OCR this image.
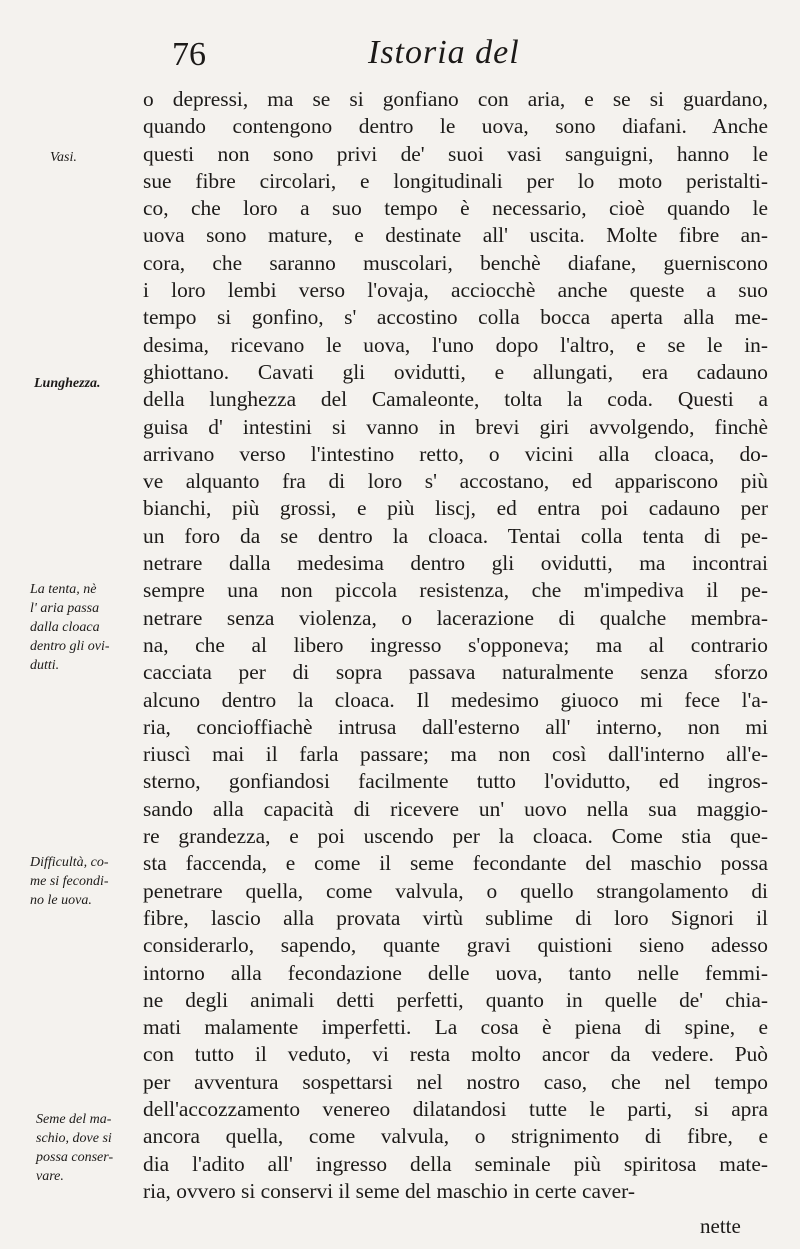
76	Istoria del
Vasi.
Lunghezza.
La tenta, nè
l' aria passa
dalla cloaca
dentro gli ovi-
dutti.
Difficultà, co-
me si fecondi-
no le uova.
Seme del ma-
schio, dove si
possa conser-
vare.
o depressi, ma se si gonfiano con aria, e se si guardano,
quando contengono dentro le uova, sono diafani. Anche
questi non sono privi de' suoi vasi sanguigni, hanno le
sue fibre circolari, e longitudinali per lo moto peristalti-
co, che loro a suo tempo è necessario, cioè quando le
uova sono mature, e destinate all' uscita. Molte fibre an-
cora, che saranno muscolari, benchè diafane, guerniscono
i loro lembi verso l'ovaja, acciocchè anche queste a suo
tempo si gonfino, s' accostino colla bocca aperta alla me-
desima, ricevano le uova, l'uno dopo l'altro, e se le in-
ghiottano. Cavati gli ovidutti, e allungati, era cadauno
della lunghezza del Camaleonte, tolta la coda. Questi a
guisa d' intestini si vanno in brevi giri avvolgendo, finchè
arrivano verso l'intestino retto, o vicini alla cloaca, do-
ve alquanto fra di loro s' accostano, ed appariscono più
bianchi, più grossi, e più liscj, ed entra poi cadauno per
un foro da se dentro la cloaca. Tentai colla tenta di pe-
netrare dalla medesima dentro gli ovidutti, ma incontrai
sempre una non piccola resistenza, che m'impediva il pe-
netrare senza violenza, o lacerazione di qualche membra-
na, che al libero ingresso s'opponeva; ma al contrario
cacciata per di sopra passava naturalmente senza sforzo
alcuno dentro la cloaca. Il medesimo giuoco mi fece l'a-
ria, concioffiachè intrusa dall'esterno all' interno, non mi
riuscì mai il farla passare; ma non così dall'interno all'e-
sterno, gonfiandosi facilmente tutto l'ovidutto, ed ingros-
sando alla capacità di ricevere un' uovo nella sua maggio-
re grandezza, e poi uscendo per la cloaca. Come stia que-
sta faccenda, e come il seme fecondante del maschio possa
penetrare quella, come valvula, o quello strangolamento di
fibre, lascio alla provata virtù sublime di loro Signori il
considerarlo, sapendo, quante gravi quistioni sieno adesso
intorno alla fecondazione delle uova, tanto nelle femmi-
ne degli animali detti perfetti, quanto in quelle de' chia-
mati malamente imperfetti. La cosa è piena di spine, e
con tutto il veduto, vi resta molto ancor da vedere. Può
per avventura sospettarsi nel nostro caso, che nel tempo
dell'accozzamento venereo dilatandosi tutte le parti, si apra
ancora quella, come valvula, o strignimento di fibre, e
dia l'adito all' ingresso della seminale più spiritosa mate-
ria, ovvero si conservi il seme del maschio in certe caver-
nette
